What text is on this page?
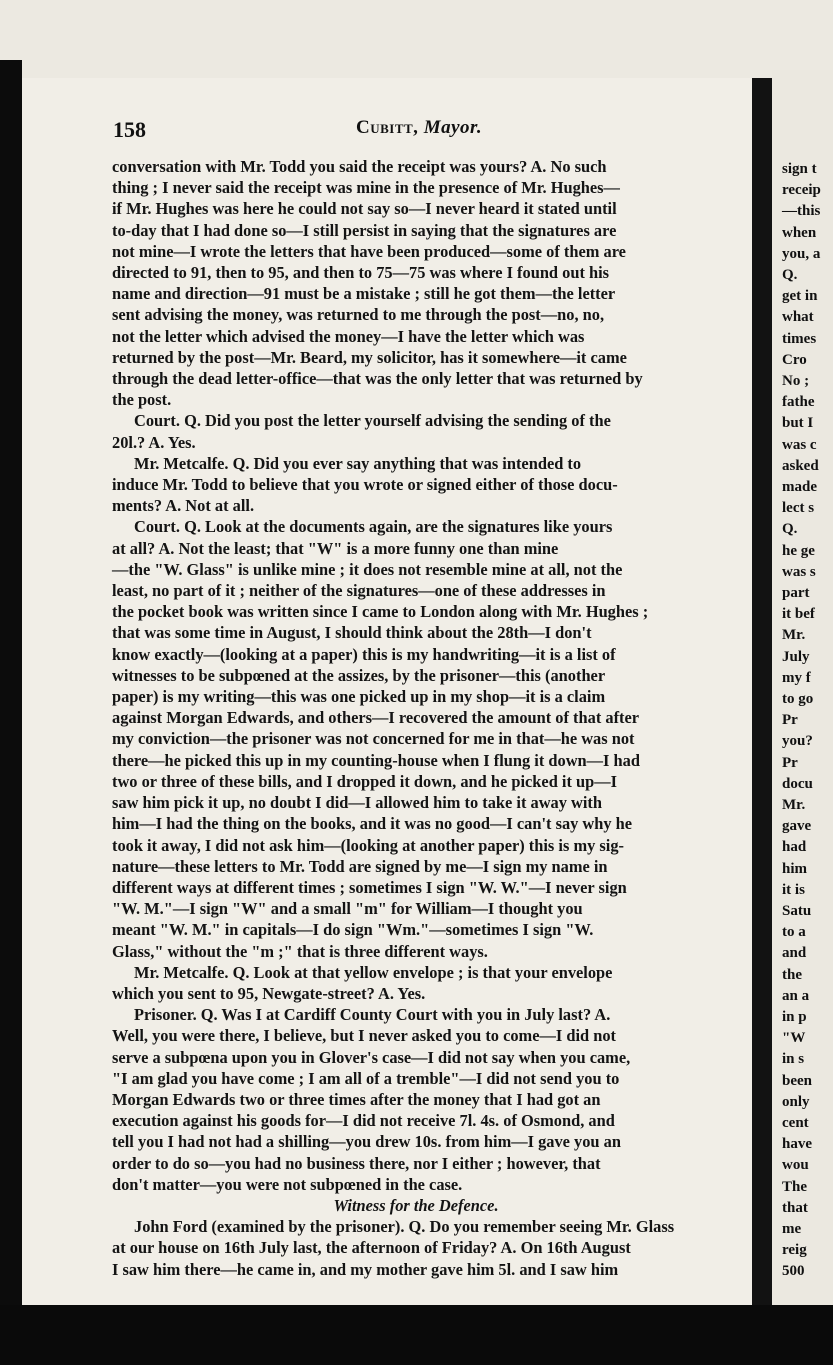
sign t
receip
—this
when
you, a
Q.
get in
what
times
Cro
No ;
fathe
but I
was c
asked
made
lect s
Q.
he ge
was s
part
it bef
Mr.
July
my f
to go
Pr
you?
Pr
docu
Mr.
gave
had
him
it is
Satu
to a
and
the
an a
in p
"W
in s
been
only
cent
have
wou
The
that
me
reig
500
158	Cubitt, Mayor.

conversation with Mr. Todd you said the receipt was yours? A. No such

thing ; I never said the receipt was mine in the presence of Mr. Hughes—

if Mr. Hughes was here he could not say so—I never heard it stated until

to-day that I had done so—I still persist in saying that the signatures are

not mine—I wrote the letters that have been produced—some of them are

directed to 91, then to 95, and then to 75—75 was where I found out his

name and direction—91 must be a mistake ; still he got them—the letter

sent advising the money, was returned to me through the post—no, no,

not the letter which advised the money—I have the letter which was

returned by the post—Mr. Beard, my solicitor, has it somewhere—it came

through the dead letter-office—that was the only letter that was returned by

the post.

Court. Q. Did you post the letter yourself advising the sending of the

20l.? A. Yes.

Mr. Metcalfe. Q. Did you ever say anything that was intended to

induce Mr. Todd to believe that you wrote or signed either of those docu-

ments? A. Not at all.

Court. Q. Look at the documents again, are the signatures like yours

at all? A. Not the least; that "W" is a more funny one than mine

—the "W. Glass" is unlike mine ; it does not resemble mine at all, not the

least, no part of it ; neither of the signatures—one of these addresses in

the pocket book was written since I came to London along with Mr. Hughes ;

that was some time in August, I should think about the 28th—I don't

know exactly—(looking at a paper) this is my handwriting—it is a list of

witnesses to be subpœned at the assizes, by the prisoner—this (another

paper) is my writing—this was one picked up in my shop—it is a claim

against Morgan Edwards, and others—I recovered the amount of that after

my conviction—the prisoner was not concerned for me in that—he was not

there—he picked this up in my counting-house when I flung it down—I had

two or three of these bills, and I dropped it down, and he picked it up—I

saw him pick it up, no doubt I did—I allowed him to take it away with

him—I had the thing on the books, and it was no good—I can't say why he

took it away, I did not ask him—(looking at another paper) this is my sig-

nature—these letters to Mr. Todd are signed by me—I sign my name in

different ways at different times ; sometimes I sign "W. W."—I never sign

"W. M."—I sign "W" and a small "m" for William—I thought you

meant "W. M." in capitals—I do sign "Wm."—sometimes I sign "W.

Glass," without the "m ;" that is three different ways.

Mr. Metcalfe. Q. Look at that yellow envelope ; is that your envelope

which you sent to 95, Newgate-street? A. Yes.

Prisoner. Q. Was I at Cardiff County Court with you in July last? A.

Well, you were there, I believe, but I never asked you to come—I did not

serve a subpœna upon you in Glover's case—I did not say when you came,

"I am glad you have come ; I am all of a tremble"—I did not send you to

Morgan Edwards two or three times after the money that I had got an

execution against his goods for—I did not receive 7l. 4s. of Osmond, and

tell you I had not had a shilling—you drew 10s. from him—I gave you an

order to do so—you had no business there, nor I either ; however, that

don't matter—you were not subpœned in the case.

Witness for the Defence.

John Ford (examined by the prisoner). Q. Do you remember seeing Mr. Glass

at our house on 16th July last, the afternoon of Friday? A. On 16th August

I saw him there—he came in, and my mother gave him 5l. and I saw him
